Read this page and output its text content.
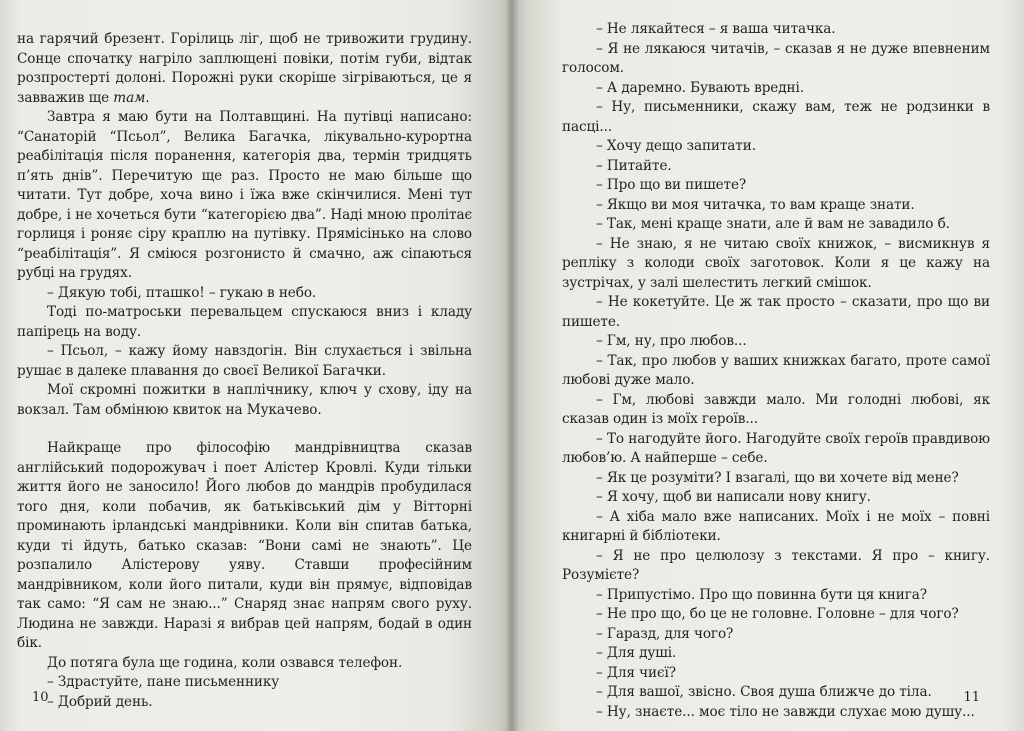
на гарячий брезент. Горілиць ліг, щоб не тривожити грудину. Сонце спочатку нагріло заплющені повіки, потім губи, відтак розпростерті долоні. Порожні руки скоріше зігріваються, це я завважив ще там.

Завтра я маю бути на Полтавщині. На путівці написано: “Санаторій “Псьол”, Велика Багачка, лікувально-курортна реабілітація після поранення, категорія два, термін тридцять п’ять днів”. Перечитую ще раз. Просто не маю більше що читати. Тут добре, хоча вино і їжа вже скінчилися. Мені тут добре, і не хочеться бути “категорією два”. Наді мною пролітає горлиця і роняє сіру краплю на путівку. Прямісінько на слово “реабілітація”. Я сміюся розгонисто й смачно, аж сіпаються рубці на грудях.

– Дякую тобі, пташко! – гукаю в небо.

Тоді по-матроськи перевальцем спускаюся вниз і кладу папірець на воду.

– Псьол, – кажу йому навздогін. Він слухається і звільна рушає в далеке плавання до своєї Великої Багачки.

Мої скромні пожитки в наплічнику, ключ у схову, іду на вокзал. Там обмінюю квиток на Мукачево.

Найкраще про філософію мандрівництва сказав англійський подорожувач і поет Алістер Кровлі. Куди тільки життя його не заносило! Його любов до мандрів пробудилася того дня, коли побачив, як батьківський дім у Вітторні проминають ірландські мандрівники. Коли він спитав батька, куди ті йдуть, батько сказав: “Вони самі не знають”. Це розпалило Алістерову уяву. Ставши професійним мандрівником, коли його питали, куди він прямує, відповідав так само: “Я сам не знаю...” Снаряд знає напрям свого руху. Людина не завжди. Наразі я вибрав цей напрям, бодай в один бік.

До потяга була ще година, коли озвався телефон.

– Здрастуйте, пане письменнику

– Добрий день.

10

– Не лякайтеся – я ваша читачка.

– Я не лякаюся читачів, – сказав я не дуже впевненим голосом.

– А даремно. Бувають вредні.

– Ну, письменники, скажу вам, теж не родзинки в пасці...

– Хочу дещо запитати.

– Питайте.

– Про що ви пишете?

– Якщо ви моя читачка, то вам краще знати.

– Так, мені краще знати, але й вам не завадило б.

– Не знаю, я не читаю своїх книжок, – висмикнув я репліку з колоди своїх заготовок. Коли я це кажу на зустрічах, у залі шелестить легкий смішок.

– Не кокетуйте. Це ж так просто – сказати, про що ви пишете.

– Гм, ну, про любов...

– Так, про любов у ваших книжках багато, проте самої любові дуже мало.

– Гм, любові завжди мало. Ми голодні любові, як сказав один із моїх героїв...

– То нагодуйте його. Нагодуйте своїх героїв правдивою любов’ю. А найперше – себе.

– Як це розуміти? І взагалі, що ви хочете від мене?

– Я хочу, щоб ви написали нову книгу.

– А хіба мало вже написаних. Моїх і не моїх – повні книгарні й бібліотеки.

– Я не про целюлозу з текстами. Я про – книгу. Розумієте?

– Припустімо. Про що повинна бути ця книга?

– Не про що, бо це не головне. Головне – для чого?

– Гаразд, для чого?

– Для душі.

– Для чиєї?

– Для вашої, звісно. Своя душа ближче до тіла.

– Ну, знаєте... моє тіло не завжди слухає мою душу...

11
